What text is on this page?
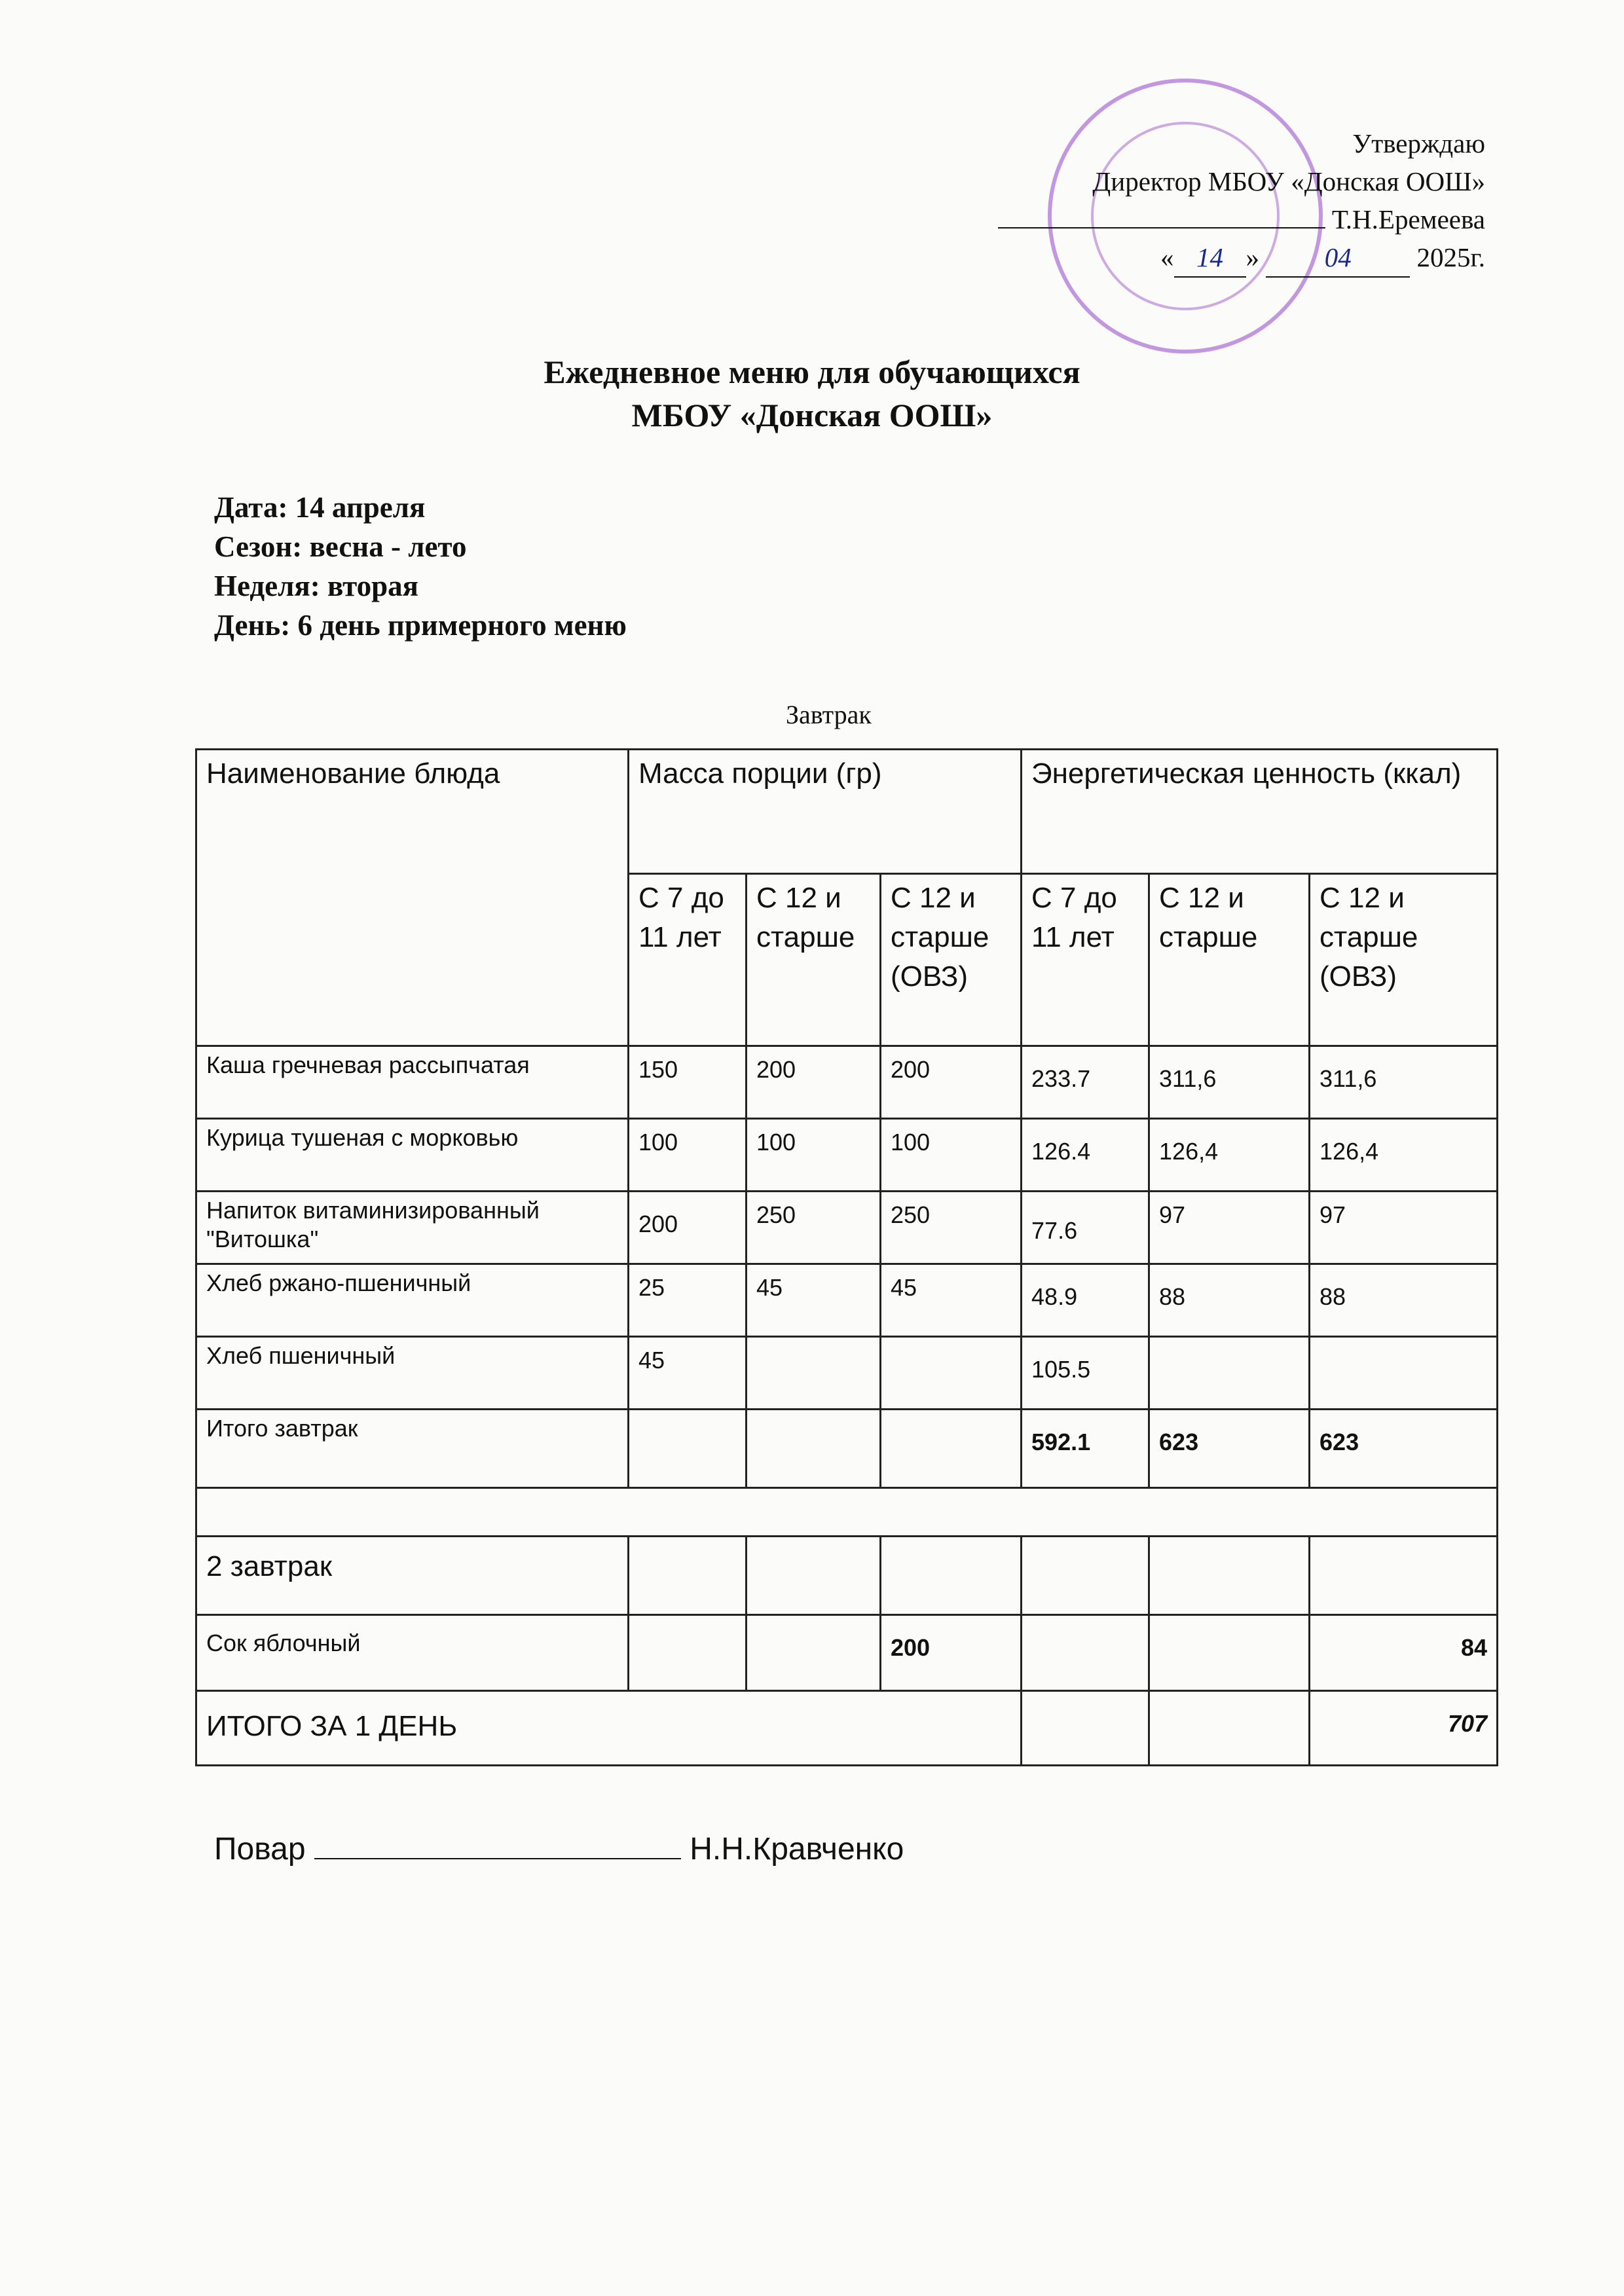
Утверждаю
Директор МБОУ «Донская ООШ»
Т.Н.Еремеева
« 14 » 04 2025г.
Ежедневное меню для обучающихся
МБОУ «Донская ООШ»
Дата: 14 апреля
Сезон: весна - лето
Неделя: вторая
День: 6 день примерного меню
Завтрак
Наименование блюда	Масса порции (гр)			Энергетическая ценность (ккал)		
	С 7 до 11 лет	С 12 и старше	С 12 и старше (ОВЗ)	С 7 до 11 лет	С 12 и старше	С 12 и старше (ОВЗ)
Каша гречневая рассыпчатая	150	200	200	233.7	311,6	311,6
Курица тушеная с морковью	100	100	100	126.4	126,4	126,4
Напиток витаминизированный "Витошка"	200	250	250	77.6	97	97
Хлеб ржано-пшеничный	25	45	45	48.9	88	88
Хлеб пшеничный	45			105.5		
Итого завтрак				592.1	623	623

2 завтрак						
Сок яблочный			200			84
ИТОГО ЗА 1 ДЕНЬ						707
Повар	Н.Н.Кравченко
